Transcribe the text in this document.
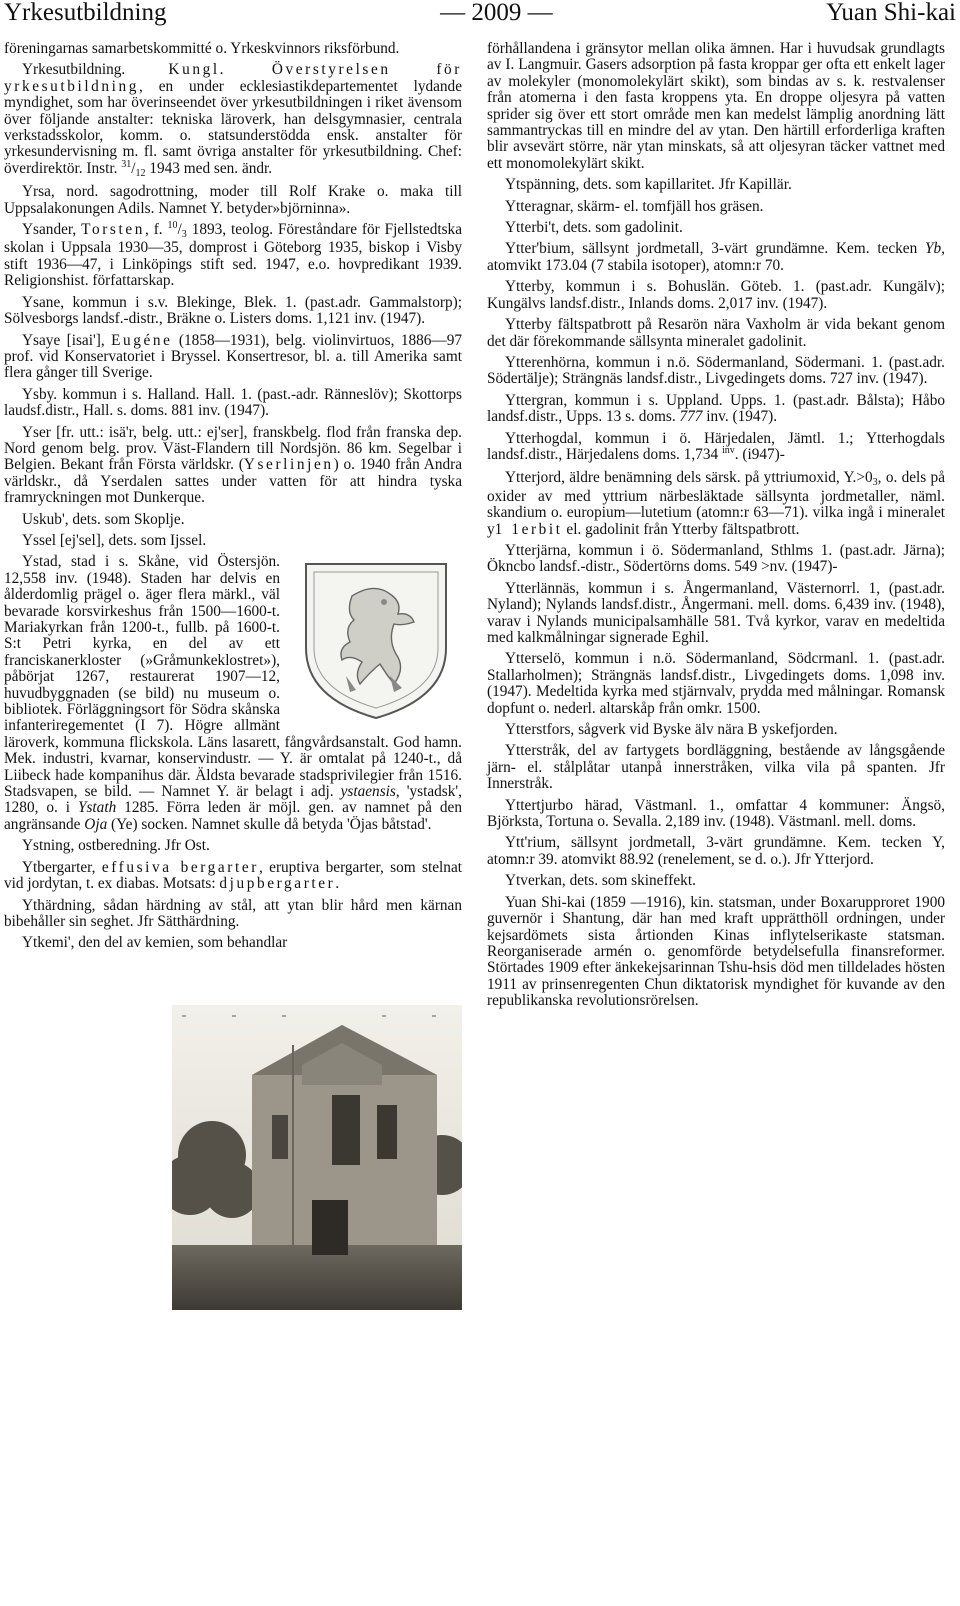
Yrkesutbildning	— 2009 —	Yuan Shi-kai

föreningarnas samarbetskommitté o. Yrkeskvinnors riksförbund.

Yrkesutbildning. Kungl. Överstyrelsen för yrkesutbildning, en under ecklesiastikdepartementet lydande myndighet, som har överinseendet över yrkesutbildningen i riket ävensom över följande anstalter: tekniska läroverk, han delsgymnasier, centrala verkstadsskolor, komm. o. statsunderstödda ensk. anstalter för yrkesundervisning m. fl. samt övriga anstalter för yrkesutbildning. Chef: överdirektör. Instr. $^{31}$/12 1943 med sen. ändr.

Yrsa, nord. sagodrottning, moder till Rolf Krake o. maka till Uppsalakonungen Adils. Namnet Y. betyder»björninna».

Ysander, Torsten, f. $^{10}$/3 1893, teolog. Föreståndare för Fjellstedtska skolan i Uppsala 1930—35, domprost i Göteborg 1935, biskop i Visby stift 1936—47, i Linköpings stift sed. 1947, e.o. hovpredikant 1939. Religionshist. författarskap.

Ysane, kommun i s.v. Blekinge, Blek. 1. (past.adr. Gammalstorp); Sölvesborgs landsf.-distr., Bräkne o. Listers doms. 1,121 inv. (1947).

Ysaye [isai'], Eugéne (1858—1931), belg. violinvirtuos, 1886—97 prof. vid Konservatoriet i Bryssel. Konsertresor, bl. a. till Amerika samt flera gånger till Sverige.

Ysby. kommun i s. Halland. Hall. 1. (past.-adr. Ränneslöv); Skottorps laudsf.distr., Hall. s. doms. 881 inv. (1947).

Yser [fr. utt.: isä'r, belg. utt.: ej'ser], franskbelg. flod från franska dep. Nord genom belg. prov. Väst-Flandern till Nordsjön. 86 km. Segelbar i Belgien. Bekant från Första världskr. (Yserlinjen) o. 1940 från Andra världskr., då Yserdalen sattes under vatten för att hindra tyska framryckningen mot Dunkerque.

Uskub', dets. som Skoplje.

Yssel [ej'sel], dets. som Ijssel.

Ystad, stad i s. Skåne, vid Östersjön. 12,558 inv. (1948). Staden har delvis en ålderdomlig prägel o. äger flera märkl., väl bevarade korsvirkeshus från 1500—1600-t. Mariakyrkan från 1200-t., fullb. på 1600-t. S:t Petri kyrka, en del av ett franciskanerkloster (»Gråmunkeklostret»), påbörjat 1267, restaurerat 1907—12, huvudbyggnaden (se bild) nu museum o. bibliotek. Förläggningsort för Södra skånska infanteriregementet (I 7). Högre allmänt läroverk, kommuna flickskola. Läns lasarett, fångvårdsanstalt. God hamn. Mek. industri, kvarnar, konservindustr. — Y. är omtalat på 1240-t., då Liibeck hade kompanihus där. Äldsta bevarade stadsprivilegier från 1516. Stadsvapen, se bild. — Namnet Y. är belagt i adj. ystaensis, 'ystadsk', 1280, o. i Ystath 1285. Förra leden är möjl. gen. av namnet på den angränsande Oja (Ye) socken. Namnet skulle då betyda 'Öjas båtstad'.

Ystning, ostberedning. Jfr Ost.

Ytbergarter, effusiva bergarter, eruptiva bergarter, som stelnat vid jordytan, t. ex diabas. Motsats: djupbergarter.

Ythärdning, sådan härdning av stål, att ytan blir hård men kärnan bibehåller sin seghet. Jfr Sätthärdning.

Ytkemi', den del av kemien, som behandlar

förhållandena i gränsytor mellan olika ämnen. Har i huvudsak grundlagts av I. Langmuir. Gasers adsorption på fasta kroppar ger ofta ett enkelt lager av molekyler (monomolekylärt skikt), som bindas av s. k. restvalenser från atomerna i den fasta kroppens yta. En droppe oljesyra på vatten sprider sig över ett stort område men kan medelst lämplig anordning lätt sammantryckas till en mindre del av ytan. Den härtill erforderliga kraften blir avsevärt större, när ytan minskats, så att oljesyran täcker vattnet med ett monomolekylärt skikt.

Ytspänning, dets. som kapillaritet. Jfr Kapillär.

Ytteragnar, skärm- el. tomfjäll hos gräsen.

Ytterbi't, dets. som gadolinit.

Ytter'bium, sällsynt jordmetall, 3-värt grundämne. Kem. tecken Yb, atomvikt 173.04 (7 stabila isotoper), atomn:r 70.

Ytterby, kommun i s. Bohuslän. Göteb. 1. (past.adr. Kungälv); Kungälvs landsf.distr., Inlands doms. 2,017 inv. (1947).

Ytterby fältspatbrott på Resarön nära Vaxholm är vida bekant genom det där förekommande sällsynta mineralet gadolinit.

Ytterenhörna, kommun i n.ö. Södermanland, Södermani. 1. (past.adr. Södertälje); Strängnäs landsf.distr., Livgedingets doms. 727 inv. (1947).

Yttergran, kommun i s. Uppland. Upps. 1. (past.adr. Bålsta); Håbo landsf.distr., Upps. 13 s. doms. 777 inv. (1947).

Ytterhogdal, kommun i ö. Härjedalen, Jämtl. 1.; Ytterhogdals landsf.distr., Härjedalens doms. 1,734 $^{inv}$. (i947)-

Ytterjord, äldre benämning dels särsk. på yttriumoxid, Y.>03, o. dels på oxider av med yttrium närbesläktade sällsynta jordmetaller, näml. skandium o. europium—lutetium (atomn:r 63—71). vilka ingå i mineralet y1 1erbit el. gadolinit från Ytterby fältspatbrott.

Ytterjärna, kommun i ö. Södermanland, Sthlms 1. (past.adr. Järna); Ökncbo landsf.-distr., Södertörns doms. 549 >nv. (1947)-

Ytterlännäs, kommun i s. Ångermanland, Västernorrl. 1, (past.adr. Nyland); Nylands landsf.distr., Ångermani. mell. doms. 6,439 inv. (1948), varav i Nylands municipalsamhälle 581. Två kyrkor, varav en medeltida med kalkmålningar signerade Eghil.

Ytterselö, kommun i n.ö. Södermanland, Södcrmanl. 1. (past.adr. Stallarholmen); Strängnäs landsf.distr., Livgedingets doms. 1,098 inv. (1947). Medeltida kyrka med stjärnvalv, prydda med målningar. Romansk dopfunt o. nederl. altarskåp från omkr. 1500.

Ytterstfors, sågverk vid Byske älv nära B yskefjorden.

Ytterstråk, del av fartygets bordläggning, bestående av långsgående järn- el. stålplåtar utanpå innerstråken, vilka vila på spanten. Jfr Innerstråk.

Yttertjurbo härad, Västmanl. 1., omfattar 4 kommuner: Ängsö, Björksta, Tortuna o. Sevalla. 2,189 inv. (1948). Västmanl. mell. doms.

Ytt'rium, sällsynt jordmetall, 3-värt grundämne. Kem. tecken Y, atomn:r 39. atomvikt 88.92 (renelement, se d. o.). Jfr Ytterjord.

Ytverkan, dets. som skineffekt.

Yuan Shi-kai (1859 —1916), kin. statsman, under Boxarupproret 1900 guvernör i Shantung, där han med kraft upprätthöll ordningen, under kejsardömets sista årtionden Kinas inflytelserikaste statsman. Reorganiserade armén o. genomförde betydelsefulla finansreformer. Störtades 1909 efter änkekejsarinnan Tshu-hsis död men tilldelades hösten 1911 av prinsenregenten Chun diktatorisk myndighet för kuvande av den republikanska revolutionsrörelsen.
